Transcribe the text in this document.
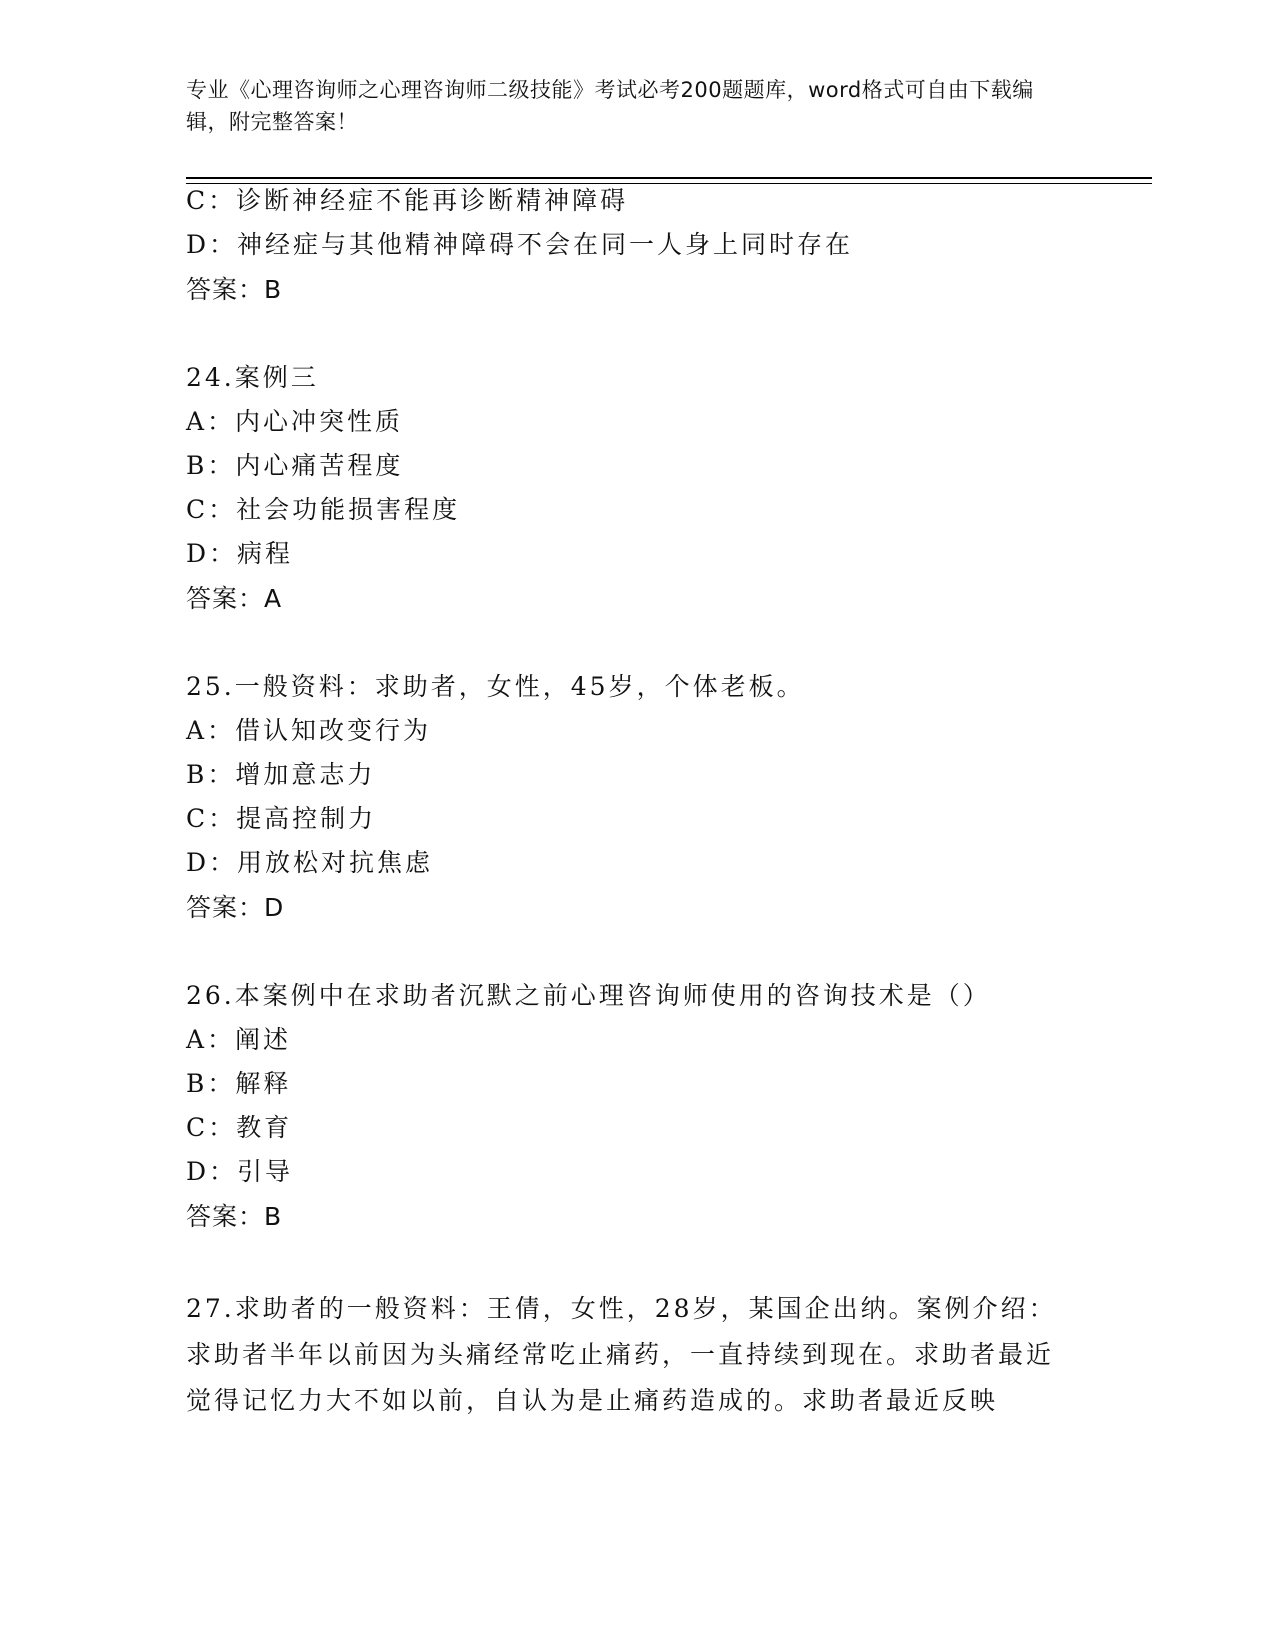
专业《心理咨询师之心理咨询师二级技能》考试必考200题题库，word格式可自由下载编辑，附完整答案！
C：诊断神经症不能再诊断精神障碍
D：神经症与其他精神障碍不会在同一人身上同时存在
答案：B
24.案例三
A：内心冲突性质
B：内心痛苦程度
C：社会功能损害程度
D：病程
答案：A
25.一般资料：求助者，女性，45岁，个体老板。
A：借认知改变行为
B：增加意志力
C：提高控制力
D：用放松对抗焦虑
答案：D
26.本案例中在求助者沉默之前心理咨询师使用的咨询技术是（）
A：阐述
B：解释
C：教育
D：引导
答案：B
27.求助者的一般资料：王倩，女性，28岁，某国企出纳。案例介绍：求助者半年以前因为头痛经常吃止痛药，一直持续到现在。求助者最近觉得记忆力大不如以前，自认为是止痛药造成的。求助者最近反映
